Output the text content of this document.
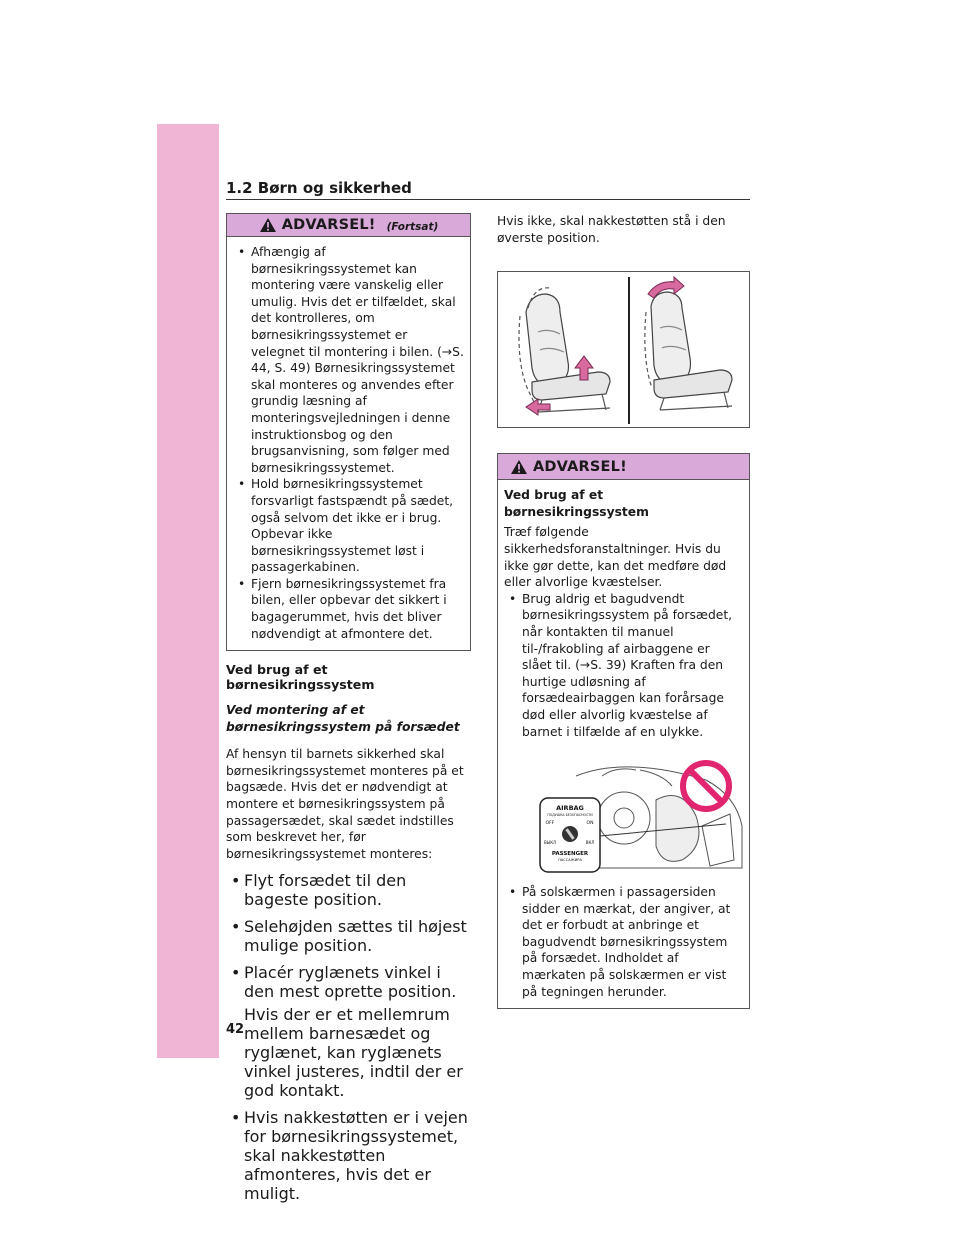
1.2 Børn og sikkerhed
ADVARSEL! (Fortsat)
• Afhængig af børnesikringssystemet kan montering være vanskelig eller umulig. Hvis det er tilfældet, skal det kontrolleres, om børnesikringssystemet er velegnet til montering i bilen. (→S. 44, S. 49) Børnesikringssystemet skal monteres og anvendes efter grundig læsning af monteringsvejledningen i denne instruktionsbog og den brugsanvisning, som følger med børnesikringssystemet.
• Hold børnesikringssystemet forsvarligt fastspændt på sædet, også selvom det ikke er i brug. Opbevar ikke børnesikringssystemet løst i passagerkabinen.
• Fjern børnesikringssystemet fra bilen, eller opbevar det sikkert i bagagerummet, hvis det bliver nødvendigt at afmontere det.
Ved brug af et børnesikringssystem
Ved montering af et børnesikringssystem på forsædet

Af hensyn til barnets sikkerhed skal børnesikringssystemet monteres på et bagsæde. Hvis det er nødvendigt at montere et børnesikringssystem på passagersædet, skal sædet indstilles som beskrevet her, før børnesikringssystemet monteres:

• Flyt forsædet til den bageste position.
• Selehøjden sættes til højest mulige position.
• Placér ryglænets vinkel i den mest oprette position.
Hvis der er et mellemrum mellem barnesædet og ryglænet, kan ryglænets vinkel justeres, indtil der er god kontakt.
• Hvis nakkestøtten er i vejen for børnesikringssystemet, skal nakkestøtten afmonteres, hvis det er muligt.

Hvis ikke, skal nakkestøtten stå i den øverste position.

ADVARSEL!
Ved brug af et børnesikringssystem
Træf følgende sikkerhedsforanstaltninger. Hvis du ikke gør dette, kan det medføre død eller alvorlige kvæstelser.
• Brug aldrig et bagudvendt børnesikringssystem på forsædet, når kontakten til manuel til-/frakobling af airbaggene er slået til. (→S. 39) Kraften fra den hurtige udløsning af forsædeairbaggen kan forårsage død eller alvorlig kvæstelse af barnet i tilfælde af en ulykke.
AIRBAG
ПОДУШКА БЕЗОПАСНОСТИ
OFF	ON
ВЫКЛ	ВКЛ
PASSENGER
ПАССАЖИРА
• På solskærmen i passagersiden sidder en mærkat, der angiver, at det er forbudt at anbringe et bagudvendt børnesikringssystem på forsædet. Indholdet af mærkaten på solskærmen er vist på tegningen herunder.
42
